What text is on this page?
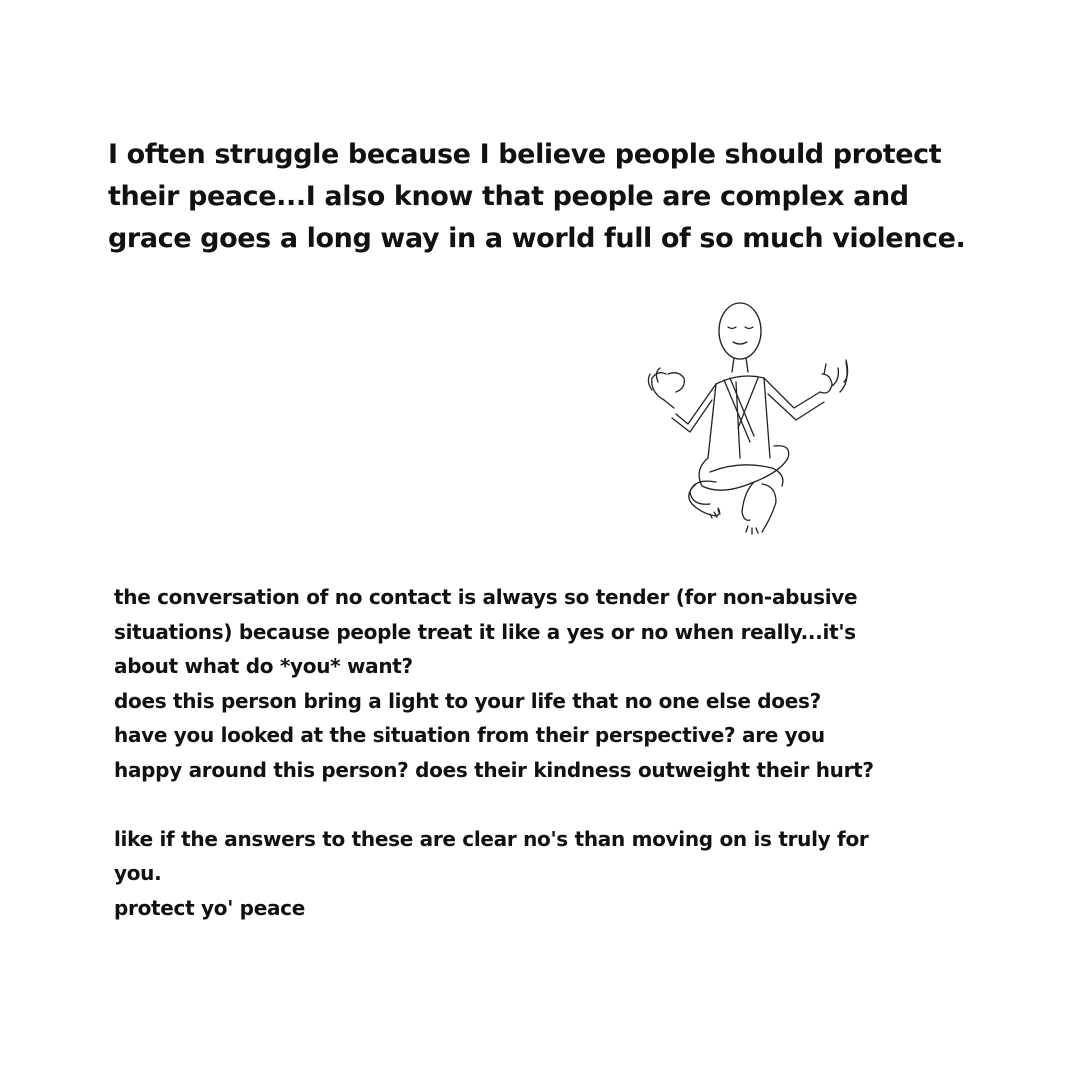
I often struggle because I believe people should protect their peace...I also know that people are complex and grace goes a long way in a world full of so much violence.

the conversation of no contact is always so tender (for non-abusive situations) because people treat it like a yes or no when really...it's about what do *you* want?

does this person bring a light to your life that no one else does? have you looked at the situation from their perspective? are you happy around this person? does their kindness outweight their hurt?

like if the answers to these are clear no's than moving on is truly for you.

protect yo' peace
